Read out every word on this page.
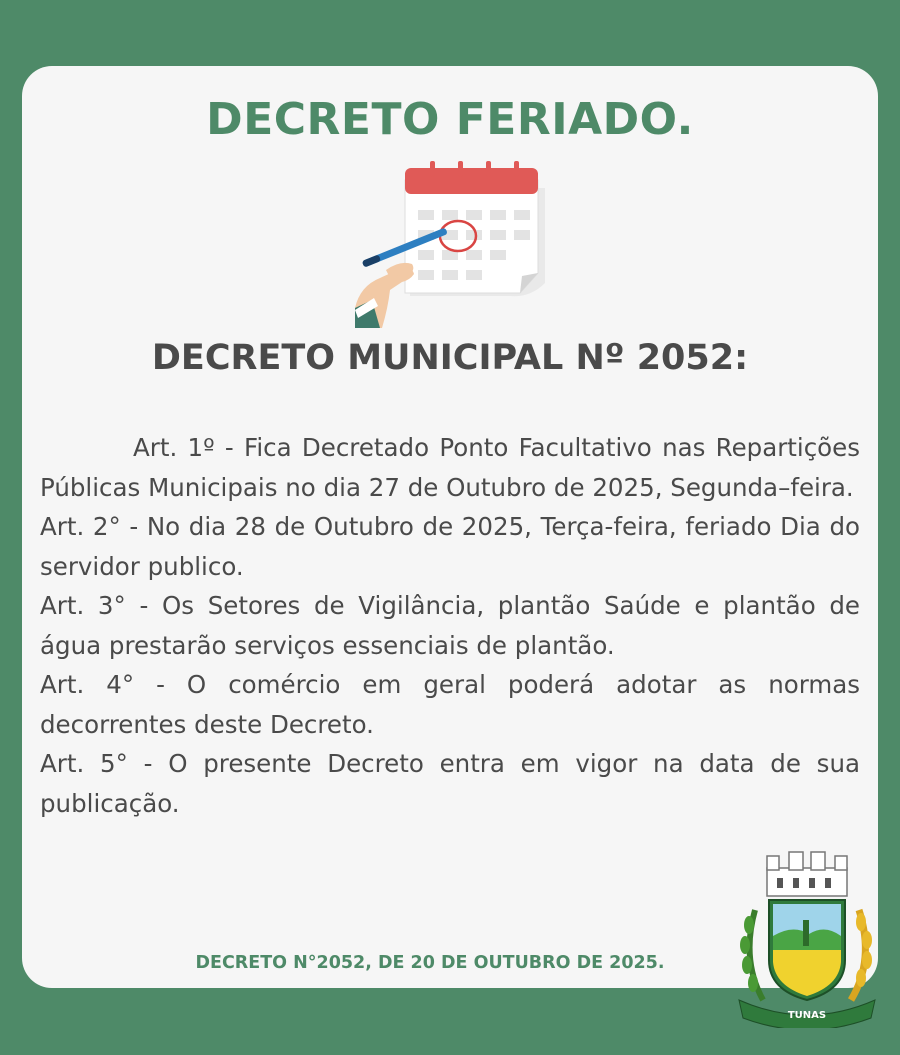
DECRETO FERIADO.
DECRETO MUNICIPAL Nº 2052:

Art. 1º - Fica Decretado Ponto Facultativo nas Repartições Públicas Municipais no dia 27 de Outubro de 2025, Segunda–feira.

Art. 2° - No dia 28 de Outubro de 2025, Terça-feira, feriado Dia do servidor publico.

Art. 3° - Os Setores de Vigilância, plantão Saúde e plantão de água prestarão serviços essenciais de plantão.

Art. 4° - O comércio em geral poderá adotar as normas decorrentes deste Decreto.

Art. 5° - O presente Decreto entra em vigor na data de sua publicação.

DECRETO N°2052, DE 20 DE OUTUBRO DE 2025.

TUNAS
